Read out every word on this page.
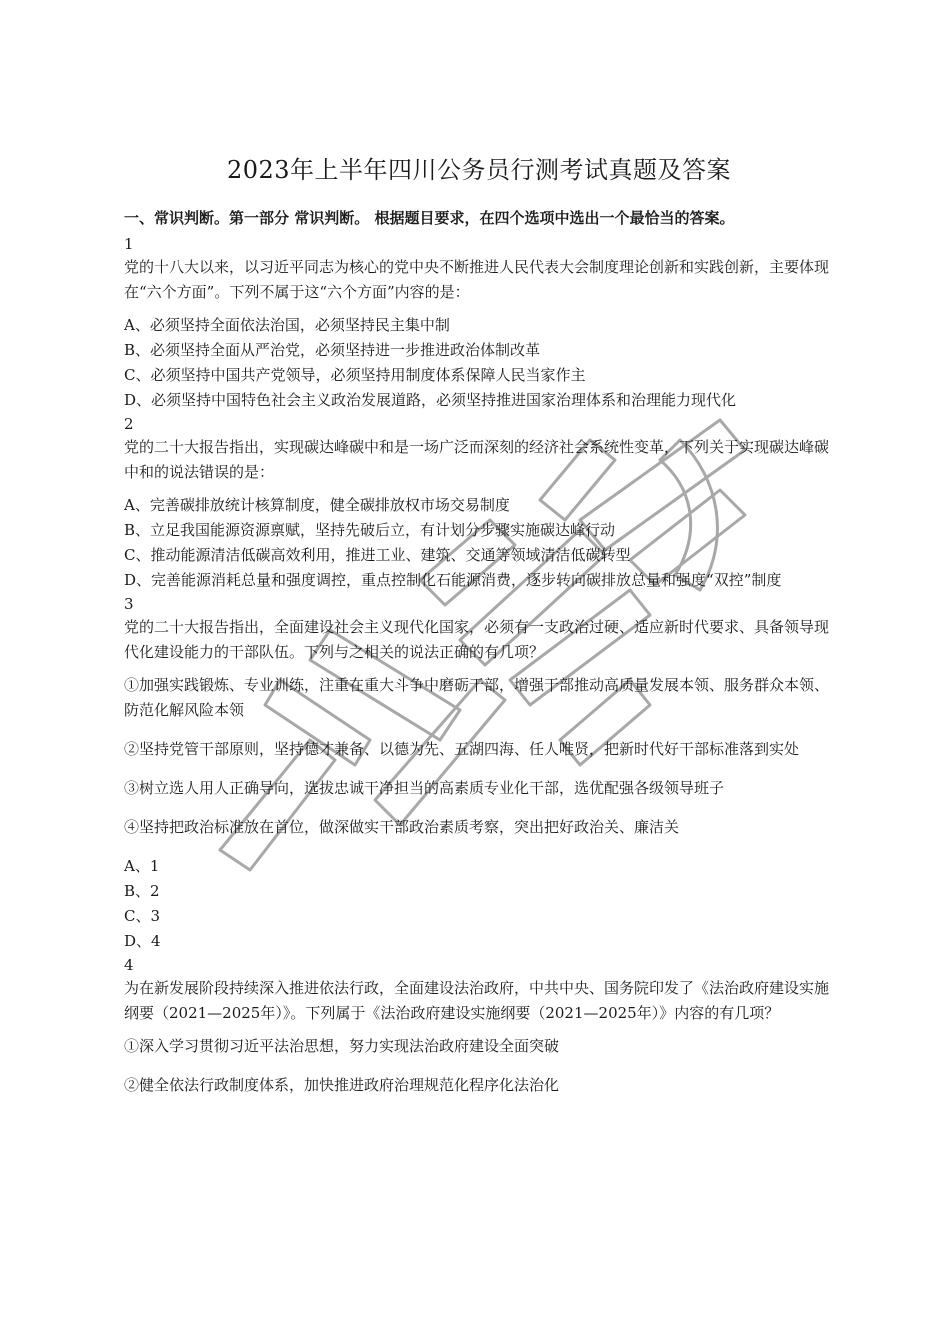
2023年上半年四川公务员行测考试真题及答案
一、常识判断。第一部分 常识判断。 根据题目要求，在四个选项中选出一个最恰当的答案。
1
党的十八大以来，以习近平同志为核心的党中央不断推进人民代表大会制度理论创新和实践创新，主要体现在“六个方面”。下列不属于这“六个方面”内容的是：
A、必须坚持全面依法治国，必须坚持民主集中制
B、必须坚持全面从严治党，必须坚持进一步推进政治体制改革
C、必须坚持中国共产党领导，必须坚持用制度体系保障人民当家作主
D、必须坚持中国特色社会主义政治发展道路，必须坚持推进国家治理体系和治理能力现代化
2
党的二十大报告指出，实现碳达峰碳中和是一场广泛而深刻的经济社会系统性变革，下列关于实现碳达峰碳中和的说法错误的是：
A、完善碳排放统计核算制度，健全碳排放权市场交易制度
B、立足我国能源资源禀赋，坚持先破后立，有计划分步骤实施碳达峰行动
C、推动能源清洁低碳高效利用，推进工业、建筑、交通等领域清洁低碳转型
D、完善能源消耗总量和强度调控，重点控制化石能源消费，逐步转向碳排放总量和强度“双控”制度
3
党的二十大报告指出，全面建设社会主义现代化国家，必须有一支政治过硬、适应新时代要求、具备领导现代化建设能力的干部队伍。下列与之相关的说法正确的有几项？
①加强实践锻炼、专业训练，注重在重大斗争中磨砺干部，增强干部推动高质量发展本领、服务群众本领、防范化解风险本领
②坚持党管干部原则，坚持德才兼备、以德为先、五湖四海、任人唯贤，把新时代好干部标准落到实处
③树立选人用人正确导向，选拔忠诚干净担当的高素质专业化干部，选优配强各级领导班子
④坚持把政治标准放在首位，做深做实干部政治素质考察，突出把好政治关、廉洁关
A、1
B、2
C、3
D、4
4
为在新发展阶段持续深入推进依法行政，全面建设法治政府，中共中央、国务院印发了《法治政府建设实施纲要（2021—2025年）》。下列属于《法治政府建设实施纲要（2021—2025年）》内容的有几项？
①深入学习贯彻习近平法治思想，努力实现法治政府建设全面突破
②健全依法行政制度体系，加快推进政府治理规范化程序化法治化
